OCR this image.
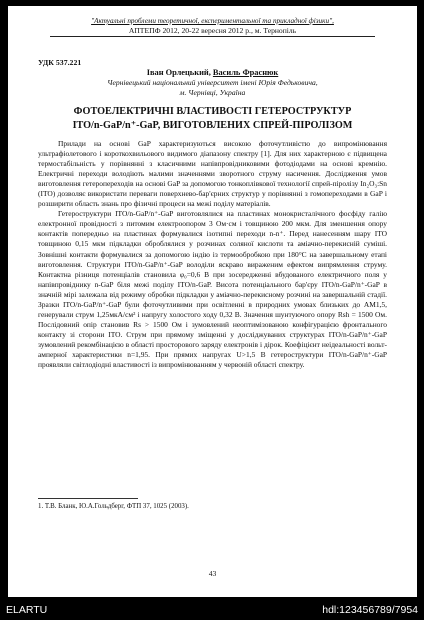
"Актуальні проблеми теоретичної, експериментальної та прикладної фізики",
АПТЕПФ 2012, 20-22 вересня 2012 р., м. Тернопіль
УДК 537.221
Іван Орлецький, Василь Фраснюк
Чернівецький національний університет імені Юрія Федьковича,
м. Чернівці, Україна
ФОТОЕЛЕКТРИЧНІ ВЛАСТИВОСТІ ГЕТЕРОСТРУКТУР
ITO/n-GaP/n⁺-GaP, ВИГОТОВЛЕНИХ СПРЕЙ-ПІРОЛІЗОМ

Прилади на основі GaP характеризуються високою фоточутливістю до випромінювання ультрафіолетового і короткохвильового видимого діапазону спектру [1]. Для них характерною є підвищена термостабільність у порівнянні з класичними напівпровідниковими фотодіодами на основі кремнію. Електричні переходи володіють малими значеннями зворотного струму насичення. Дослідження умов виготовлення гетеропереходів на основі GaP за допомогою тонкоплівкової технології спрей-піролізу In₂O₃:Sn (ITO) дозволяє використати переваги поверхнево-бар'єрних структур у порівнянні з гомопереходами в GaP і розширити область знань про фізичні процеси на межі поділу матеріалів.

Гетероструктури ITO/n-GaP/n⁺-GaP виготовлялися на пластинах монокристалічного фосфіду галію електронної провідності з питомим електроопором 3 Ом·см і товщиною 200 мкм. Для зменшення опору контактів попередньо на пластинах формувалися ізотипні переходи n-n⁺. Перед нанесенням шару ITO товщиною 0,15 мкм підкладки оброблялися у розчинах соляної кислоти та аміачно-перекисній суміші. Зовнішні контакти формувалися за допомогою індію із термообробкою при 180°C на завершальному етапі виготовлення. Структури ITO/n-GaP/n⁺-GaP володіли яскраво вираженим ефектом випрямлення струму. Контактна різниця потенціалів становила φ₀=0,6 В при зосередженні вбудованого електричного поля у напівпровіднику n-GaP біля межі поділу ITO/n-GaP. Висота потенціального бар'єру ITO/n-GaP/n⁺-GaP в значній мірі залежала від режиму обробки підкладки у аміачно-перекисному розчині на завершальній стадії. Зразки ITO/n-GaP/n⁺-GaP були фоточутливими при освітленні в природних умовах близьких до АМ1,5, генерували струм 1,25мкА/см² і напругу холостого ходу 0,32 В. Значення шунтуючого опору Rsh = 1500 Ом. Послідовний опір становив Rs > 1500 Ом і зумовлений неоптимізованою конфігурацією фронтального контакту зі сторони ITO. Струм при прямому зміщенні у досліджуваних структурах ITO/n-GaP/n⁺-GaP зумовлений рекомбінацією в області просторового заряду електронів і дірок. Коефіцієнт неідеальності вольт-амперної характеристики n=1,95. При прямих напругах U>1,5 В гетероструктури ITO/n-GaP/n⁺-GaP проявляли світлодіодні властивості із випромінюванням у червоній області спектру.

1. Т.В. Бланк, Ю.А.Гольдберг, ФТП 37, 1025 (2003).
43
ELARTU	hdl:123456789/7954
